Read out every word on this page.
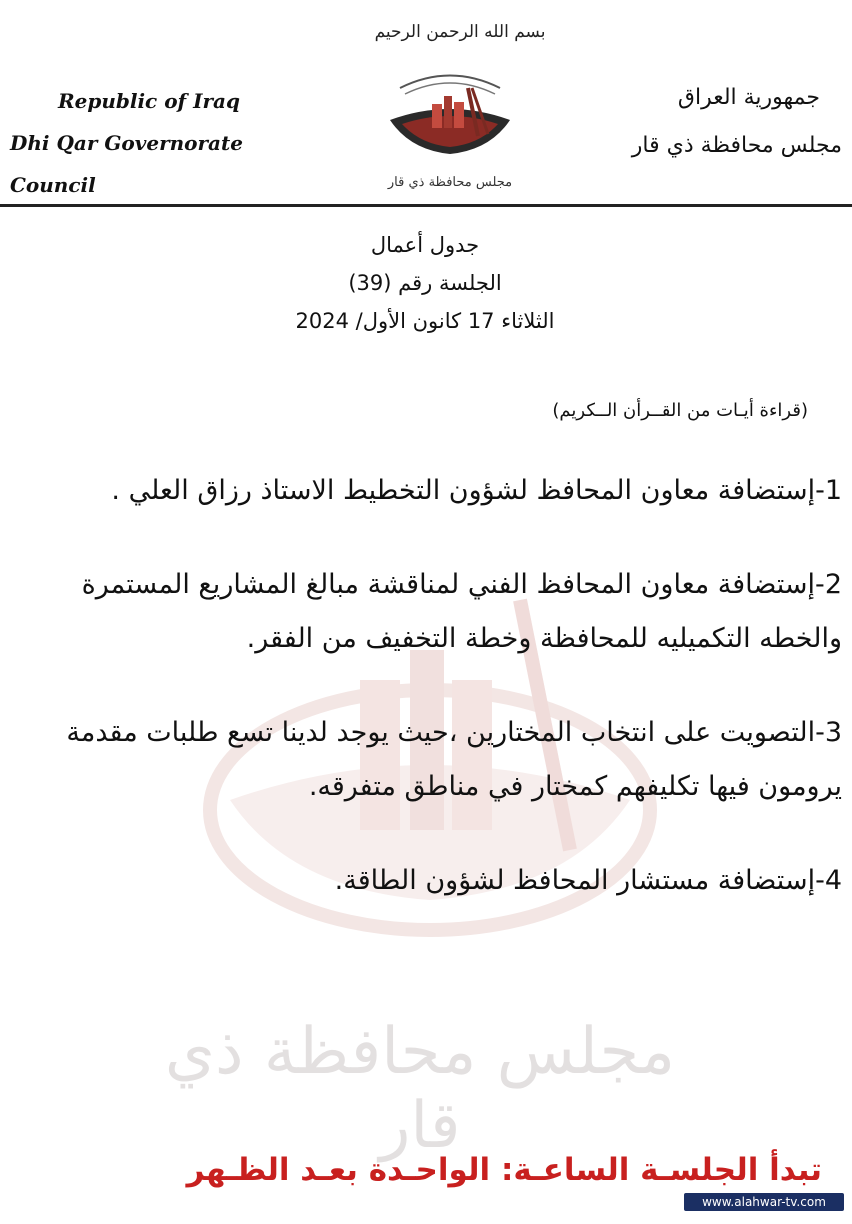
بسم الله الرحمن الرحيم
Republic of Iraq
Dhi Qar Governorate Council	مجلس محافظة ذي قار
جمهورية العراق
مجلس محافظة ذي قار
مجلس محافظة ذي قار
جدول أعمال
الجلسة رقم (39)
الثلاثاء 17 كانون الأول/ 2024
(قراءة أيـات من القــرأن الــكريم)

1-إستضافة معاون المحافظ لشؤون التخطيط الاستاذ رزاق العلي .

2-إستضافة معاون المحافظ الفني لمناقشة مبالغ المشاريع المستمرة والخطه التكميليه للمحافظة وخطة التخفيف من الفقر.

3-التصويت على انتخاب المختارين ،حيث يوجد لدينا تسع طلبات مقدمة يرومون فيها تكليفهم كمختار في مناطق متفرقه.

4-إستضافة مستشار المحافظ لشؤون الطاقة.

تبدأ الجلسـة الساعـة: الواحـدة بعـد الظـهر
www.alahwar-tv.com
